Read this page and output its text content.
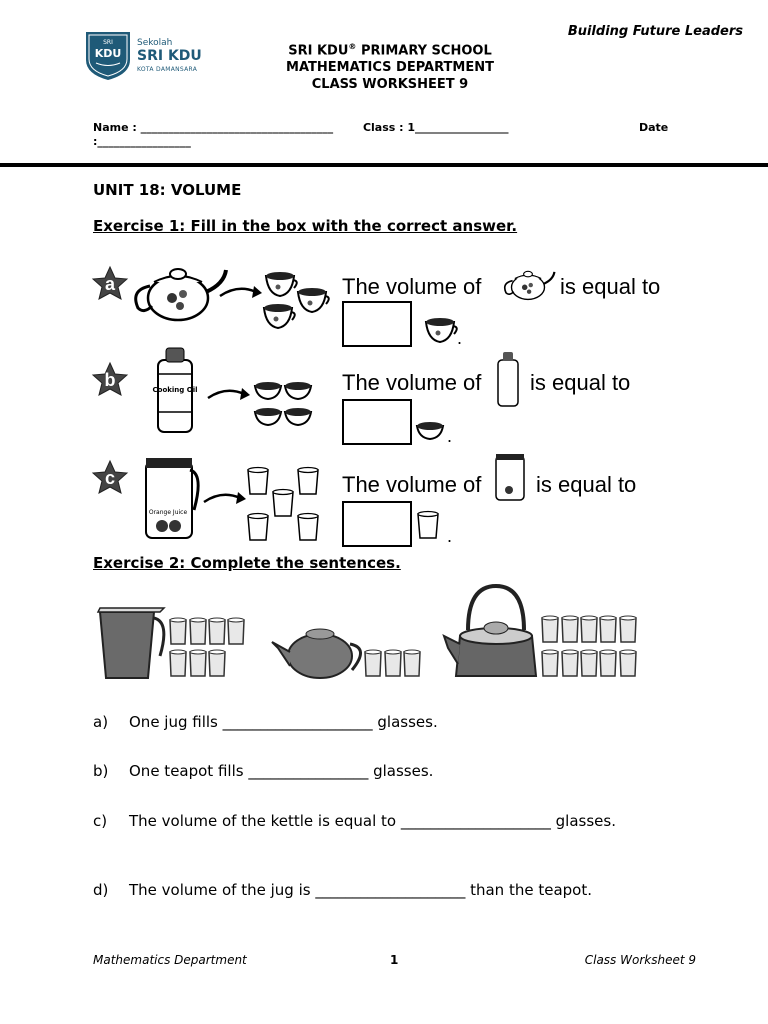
Building Future Leaders
SRI
KDU
Sekolah
SRI KDU
KOTA DAMANSARA
SRI KDU® PRIMARY SCHOOL
MATHEMATICS DEPARTMENT
CLASS WORKSHEET 9
Name : ___________________________________	Class : 1_________________	Date
:_________________
UNIT 18: VOLUME
Exercise 1: Fill in the box with the correct answer.
a	The volume of	is equal to
.
b	Cooking Oil	The volume of is equal to
.
c
Orange Juice
The volume of is equal to
.
Exercise 2: Complete the sentences.
a) One jug fills ____________________ glasses.
b) One teapot fills ________________ glasses.
c) The volume of the kettle is equal to ____________________ glasses.
d) The volume of the jug is ____________________ than the teapot.
Mathematics Department	1	Class Worksheet 9
